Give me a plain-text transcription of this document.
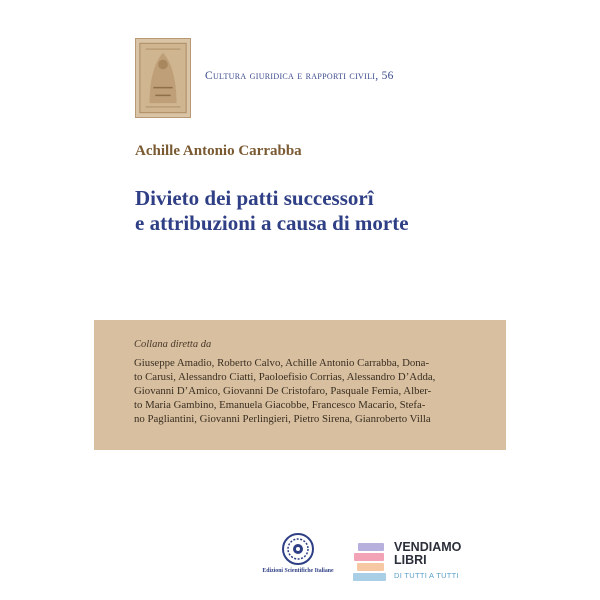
Cultura giuridica e rapporti civili, 56
Achille Antonio Carrabba
Divieto dei patti successorî
e attribuzioni a causa di morte
Collana diretta da
Giuseppe Amadio, Roberto Calvo, Achille Antonio Carrabba, Dona-
to Carusi, Alessandro Ciatti, Paoloefisio Corrias, Alessandro D’Adda,
Giovanni D’Amico, Giovanni De Cristofaro, Pasquale Femia, Alber-
to Maria Gambino, Emanuela Giacobbe, Francesco Macario, Stefa-
no Pagliantini, Giovanni Perlingieri, Pietro Sirena, Gianroberto Villa
Edizioni Scientifiche Italiane
VENDIAMO
LIBRI
DI TUTTI A TUTTI
